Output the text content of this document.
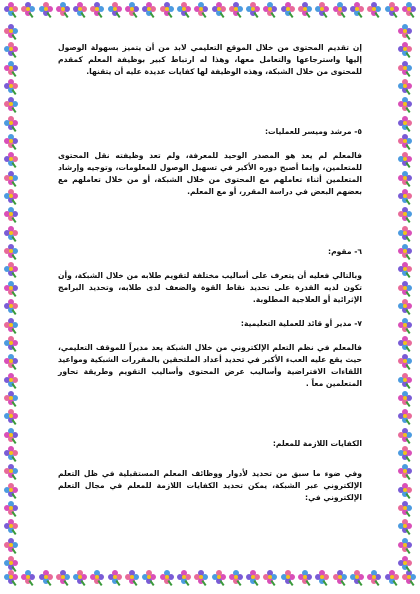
إن تقديم المحتوى من خلال الموقع التعليمي لابد من أن يتميز بسهولة الوصول إليها واسترجاعها والتعامل معها، وهذا له ارتباط كبير بوظيفة المعلم كمقدم للمحتوى من خلال الشبكة، وهذه الوظيفة لها كفايات عديدة عليه أن يتقنها.

٥- مرشد وميسر للعمليات:

فالمعلم لم يعد هو المصدر الوحيد للمعرفة، ولم تعد وظيفته نقل المحتوى للمتعلمين، وإنما أصبح دوره الأكبر في تسهيل الوصول للمعلومات، وتوجيه وإرشاد المتعلمين أثناء تعاملهم مع المحتوى من خلال الشبكة، أو من خلال تعاملهم مع بعضهم البعض في دراسة المقرر، أو مع المعلم.

٦- مقوم:

وبالتالي فعليه أن يتعرف على أساليب مختلفة لتقويم طلابه من خلال الشبكة، وأن تكون لديه القدرة على تحديد نقاط القوة والضعف لدى طلابه، وتحديد البرامج الإثرائية أو العلاجية المطلوبة.

٧- مدير أو قائد للعملية التعليمية:

فالمعلم في نظم التعلم الإلكتروني من خلال الشبكة يعد مديراً للموقف التعليمي، حيث يقع عليه العبء الأكبر في تحديد أعداد الملتحقين بالمقررات الشبكية ومواعيد اللقاءات الافتراضية وأساليب عرض المحتوى وأساليب التقويم وطريقة تحاور المتعلمين معاً .

الكفايات اللازمة للمعلم:

وفي ضوء ما سبق من تحديد لأدوار ووظائف المعلم المستقبلية في ظل التعلم الإلكتروني عبر الشبكة، يمكن تحديد الكفايات اللازمة للمعلم في مجال التعلم الإلكتروني في:
